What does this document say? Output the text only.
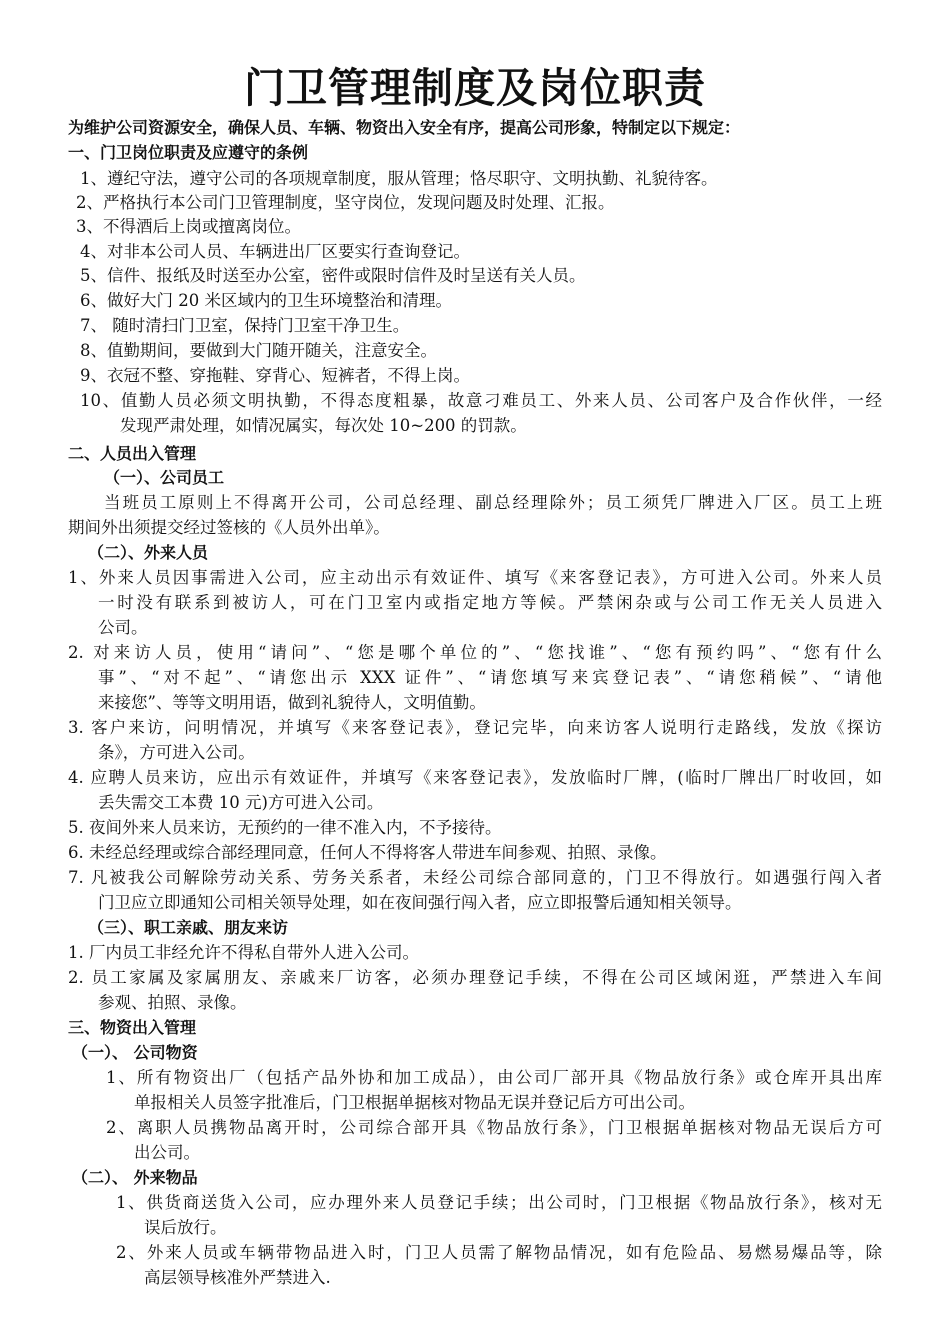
门卫管理制度及岗位职责
为维护公司资源安全，确保人员、车辆、物资出入安全有序，提高公司形象，特制定以下规定：
一、门卫岗位职责及应遵守的条例
1、遵纪守法，遵守公司的各项规章制度，服从管理；恪尽职守、文明执勤、礼貌待客。
2、严格执行本公司门卫管理制度，坚守岗位，发现问题及时处理、汇报。
3、不得酒后上岗或擅离岗位。
4、对非本公司人员、车辆进出厂区要实行查询登记。
5、信件、报纸及时送至办公室，密件或限时信件及时呈送有关人员。
6、做好大门 20 米区域内的卫生环境整治和清理。
7、 随时清扫门卫室，保持门卫室干净卫生。
8、值勤期间，要做到大门随开随关，注意安全。
9、衣冠不整、穿拖鞋、穿背心、短裤者，不得上岗。
10、值勤人员必须文明执勤，不得态度粗暴，故意刁难员工、外来人员、公司客户及合作伙伴，一经
发现严肃处理，如情况属实，每次处 10~200 的罚款。
二、人员出入管理
（一）、公司员工
当班员工原则上不得离开公司，公司总经理、副总经理除外；员工须凭厂牌进入厂区。员工上班
期间外出须提交经过签核的《人员外出单》。
（二）、外来人员
1、外来人员因事需进入公司，应主动出示有效证件、填写《来客登记表》，方可进入公司。外来人员
一时没有联系到被访人，可在门卫室内或指定地方等候。严禁闲杂或与公司工作无关人员进入
公司。
2. 对来访人员，使用“请问”、“您是哪个单位的”、“您找谁”、“您有预约吗”、“您有什么
事”、“对不起”、“请您出示 XXX 证件”、“请您填写来宾登记表”、“请您稍候”、“请他
来接您”、等等文明用语，做到礼貌待人，文明值勤。
3. 客户来访，问明情况，并填写《来客登记表》，登记完毕，向来访客人说明行走路线，发放《探访
条》，方可进入公司。
4. 应聘人员来访，应出示有效证件，并填写《来客登记表》，发放临时厂牌，(临时厂牌出厂时收回，如
丢失需交工本费 10 元)方可进入公司。
5. 夜间外来人员来访，无预约的一律不准入内，不予接待。
6. 未经总经理或综合部经理同意，任何人不得将客人带进车间参观、拍照、录像。
7. 凡被我公司解除劳动关系、劳务关系者，未经公司综合部同意的，门卫不得放行。如遇强行闯入者
门卫应立即通知公司相关领导处理，如在夜间强行闯入者，应立即报警后通知相关领导。
（三）、职工亲戚、朋友来访
1. 厂内员工非经允许不得私自带外人进入公司。
2. 员工家属及家属朋友、亲戚来厂访客，必须办理登记手续，不得在公司区域闲逛，严禁进入车间
参观、拍照、录像。
三、物资出入管理
（一）、 公司物资
1、所有物资出厂（包括产品外协和加工成品），由公司厂部开具《物品放行条》或仓库开具出库
单报相关人员签字批准后，门卫根据单据核对物品无误并登记后方可出公司。
2、离职人员携物品离开时，公司综合部开具《物品放行条》，门卫根据单据核对物品无误后方可
出公司。
（二）、 外来物品
1、供货商送货入公司，应办理外来人员登记手续；出公司时，门卫根据《物品放行条》，核对无
误后放行。
2、外来人员或车辆带物品进入时，门卫人员需了解物品情况，如有危险品、易燃易爆品等，除
高层领导核准外严禁进入.
